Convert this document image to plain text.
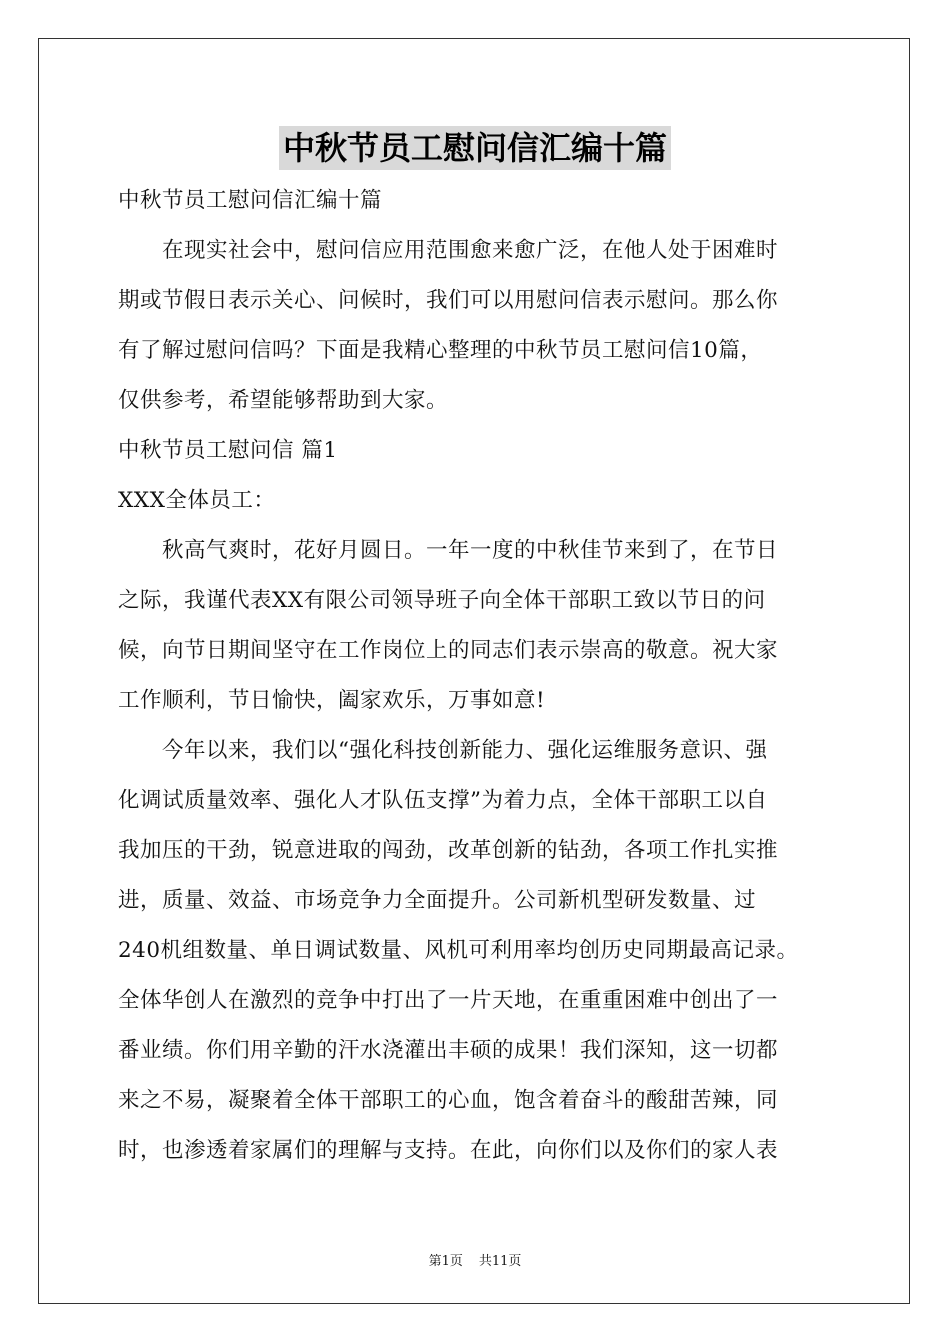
中秋节员工慰问信汇编十篇
中秋节员工慰问信汇编十篇
在现实社会中，慰问信应用范围愈来愈广泛，在他人处于困难时
期或节假日表示关心、问候时，我们可以用慰问信表示慰问。那么你
有了解过慰问信吗？下面是我精心整理的中秋节员工慰问信10篇，
仅供参考，希望能够帮助到大家。
中秋节员工慰问信 篇1
XXX全体员工：
秋高气爽时，花好月圆日。一年一度的中秋佳节来到了，在节日
之际，我谨代表XX有限公司领导班子向全体干部职工致以节日的问
候，向节日期间坚守在工作岗位上的同志们表示崇高的敬意。祝大家
工作顺利，节日愉快，阖家欢乐，万事如意!
今年以来，我们以“强化科技创新能力、强化运维服务意识、强
化调试质量效率、强化人才队伍支撑”为着力点，全体干部职工以自
我加压的干劲，锐意进取的闯劲，改革创新的钻劲，各项工作扎实推
进，质量、效益、市场竞争力全面提升。公司新机型研发数量、过
240机组数量、单日调试数量、风机可利用率均创历史同期最高记录。
全体华创人在激烈的竞争中打出了一片天地，在重重困难中创出了一
番业绩。你们用辛勤的汗水浇灌出丰硕的成果！我们深知，这一切都
来之不易，凝聚着全体干部职工的心血，饱含着奋斗的酸甜苦辣，同
时，也渗透着家属们的理解与支持。在此，向你们以及你们的家人表
第1页 共11页
